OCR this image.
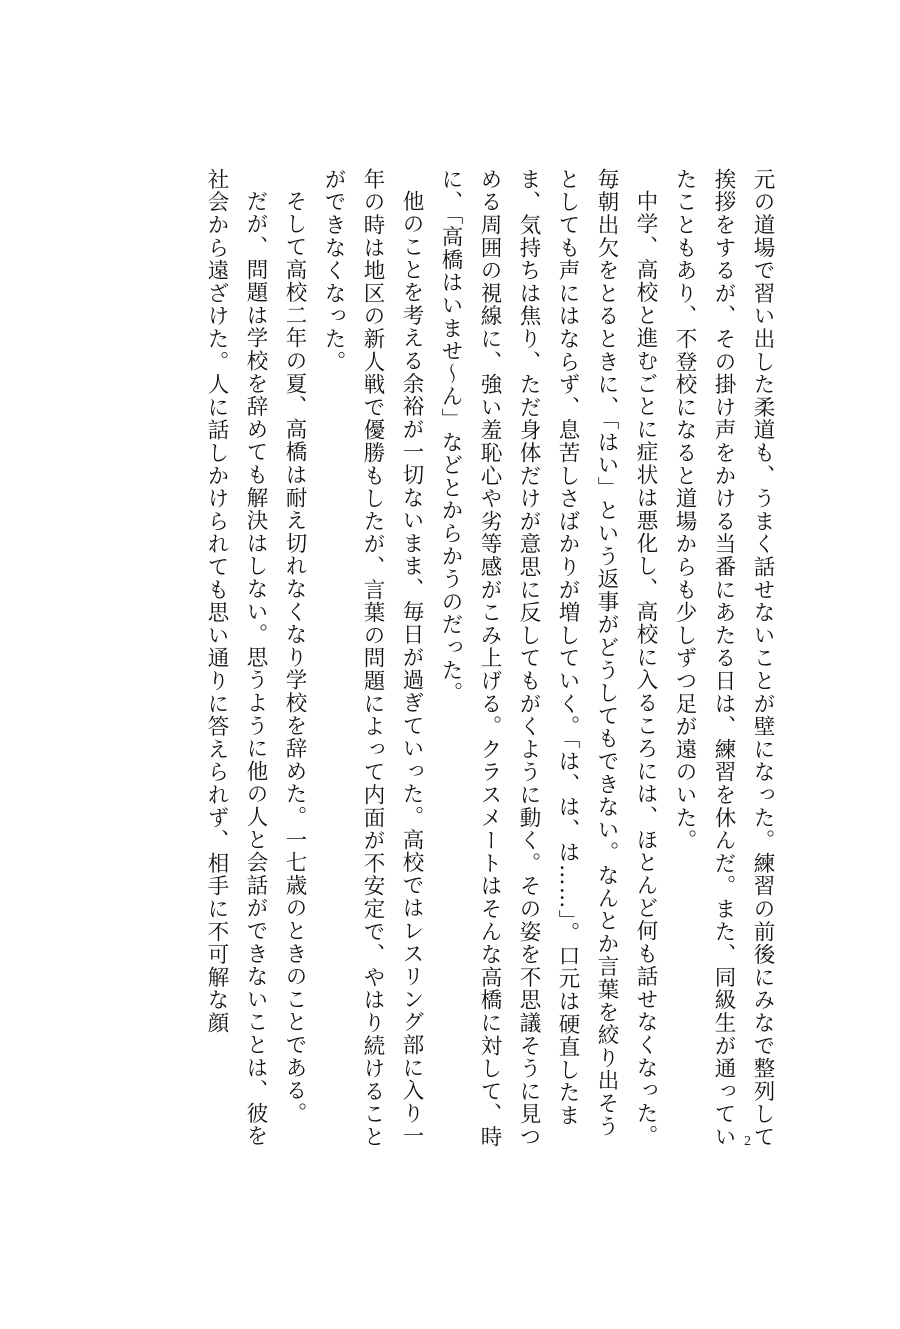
元の道場で習い出した柔道も、うまく話せないことが壁になった。練習の前後にみなで整列して挨拶をするが、その掛け声をかける当番にあたる日は、練習を休んだ。また、同級生が通っていたこともあり、不登校になると道場からも少しずつ足が遠のいた。

中学、高校と進むごとに症状は悪化し、高校に入るころには、ほとんど何も話せなくなった。毎朝出欠をとるときに、「はい」という返事がどうしてもできない。なんとか言葉を絞り出そうとしても声にはならず、息苦しさばかりが増していく。「は、は、は……」。口元は硬直したまま、気持ちは焦り、ただ身体だけが意思に反してもがくように動く。その姿を不思議そうに見つめる周囲の視線に、強い羞恥心や劣等感がこみ上げる。クラスメートはそんな高橋に対して、時に、「高橋はいませ〜ん」などとからかうのだった。

他のことを考える余裕が一切ないまま、毎日が過ぎていった。高校ではレスリング部に入り一年の時は地区の新人戦で優勝もしたが、言葉の問題によって内面が不安定で、やはり続けることができなくなった。

そして高校二年の夏、高橋は耐え切れなくなり学校を辞めた。一七歳のときのことである。

だが、問題は学校を辞めても解決はしない。思うように他の人と会話ができないことは、彼を社会から遠ざけた。人に話しかけられても思い通りに答えられず、相手に不可解な顔

2
